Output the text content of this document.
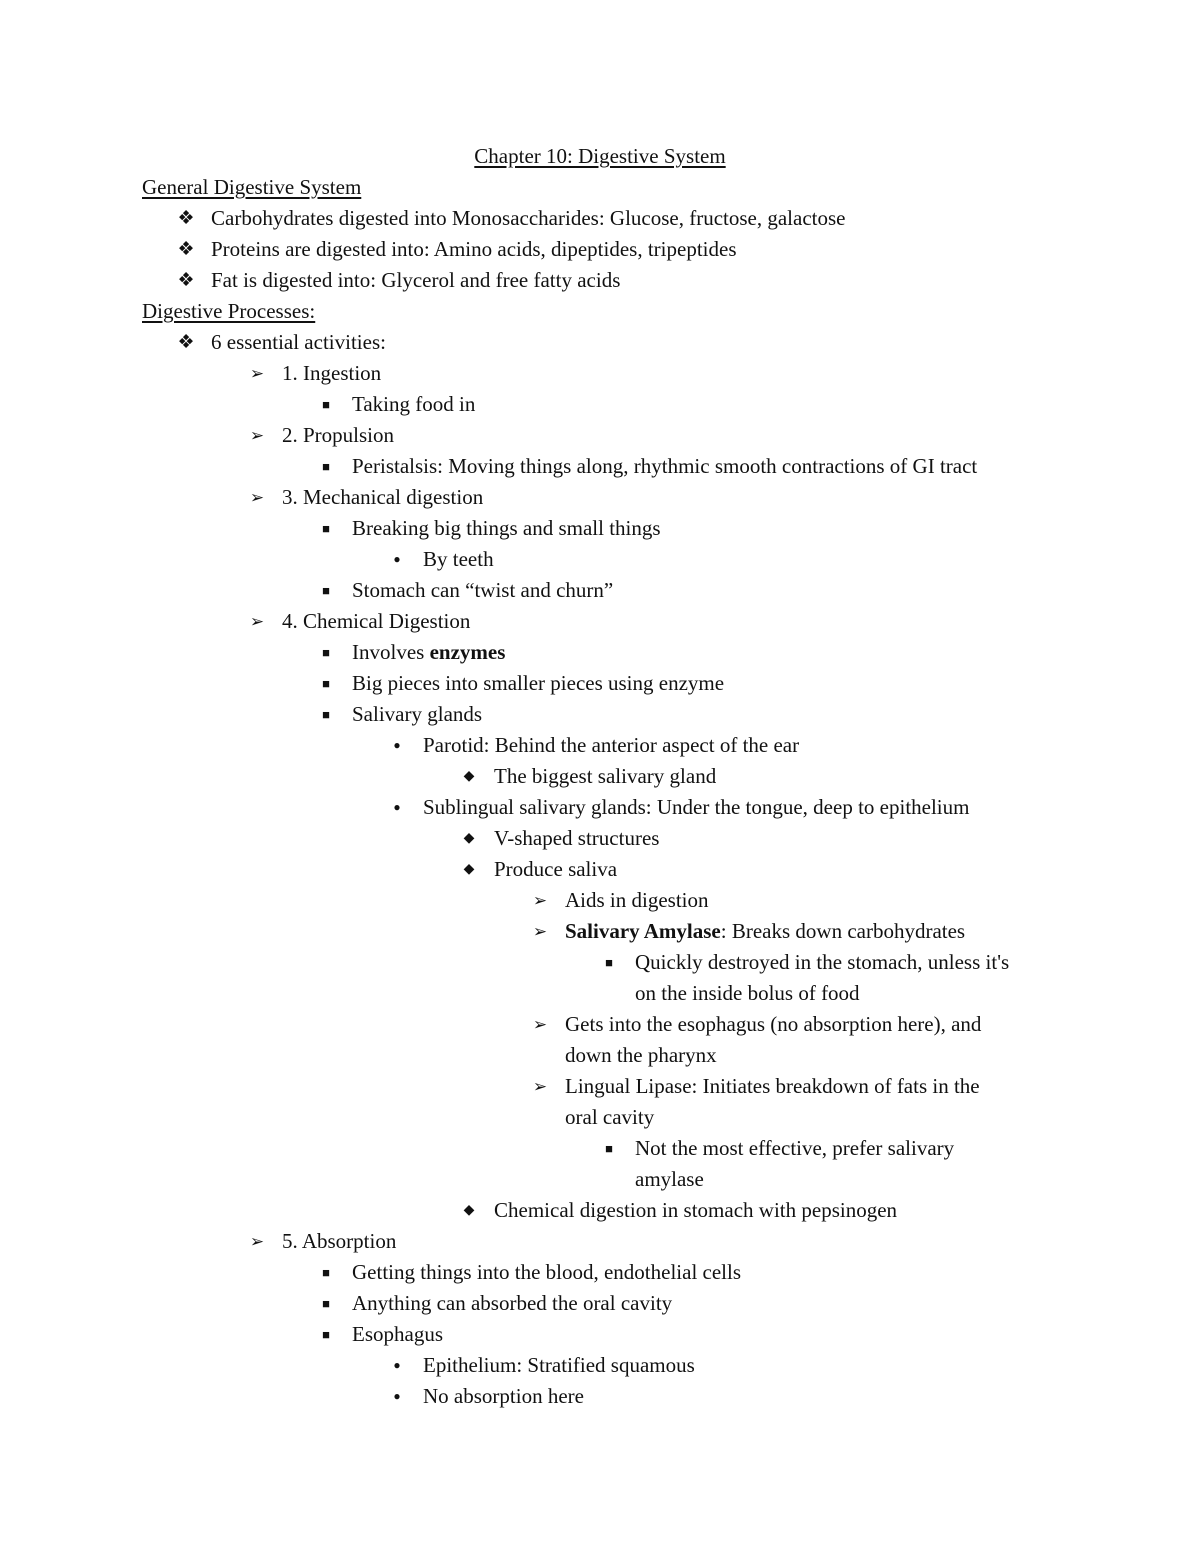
Chapter 10: Digestive System
General Digestive System
❖ Carbohydrates digested into Monosaccharides: Glucose, fructose, galactose
❖ Proteins are digested into: Amino acids, dipeptides, tripeptides
❖ Fat is digested into: Glycerol and free fatty acids
Digestive Processes:
❖ 6 essential activities:
➢ 1. Ingestion
■	Taking food in
➢ 2. Propulsion
■	Peristalsis: Moving things along, rhythmic smooth contractions of GI tract
➢ 3. Mechanical digestion
■	Breaking big things and small things
●	By teeth
■	Stomach can “twist and churn”
➢ 4. Chemical Digestion
■	Involves enzymes
■	Big pieces into smaller pieces using enzyme
■	Salivary glands
●	Parotid: Behind the anterior aspect of the ear
◆ The biggest salivary gland
●	Sublingual salivary glands: Under the tongue, deep to epithelium
◆ V-shaped structures
◆ Produce saliva
➢ Aids in digestion
➢ Salivary Amylase: Breaks down carbohydrates
■	Quickly destroyed in the stomach, unless it's
on the inside bolus of food
➢ Gets into the esophagus (no absorption here), and
down the pharynx
➢ Lingual Lipase: Initiates breakdown of fats in the
oral cavity
■	Not the most effective, prefer salivary
amylase
◆ Chemical digestion in stomach with pepsinogen
➢ 5. Absorption
■	Getting things into the blood, endothelial cells
■	Anything can absorbed the oral cavity
■	Esophagus
●	Epithelium: Stratified squamous
●	No absorption here
